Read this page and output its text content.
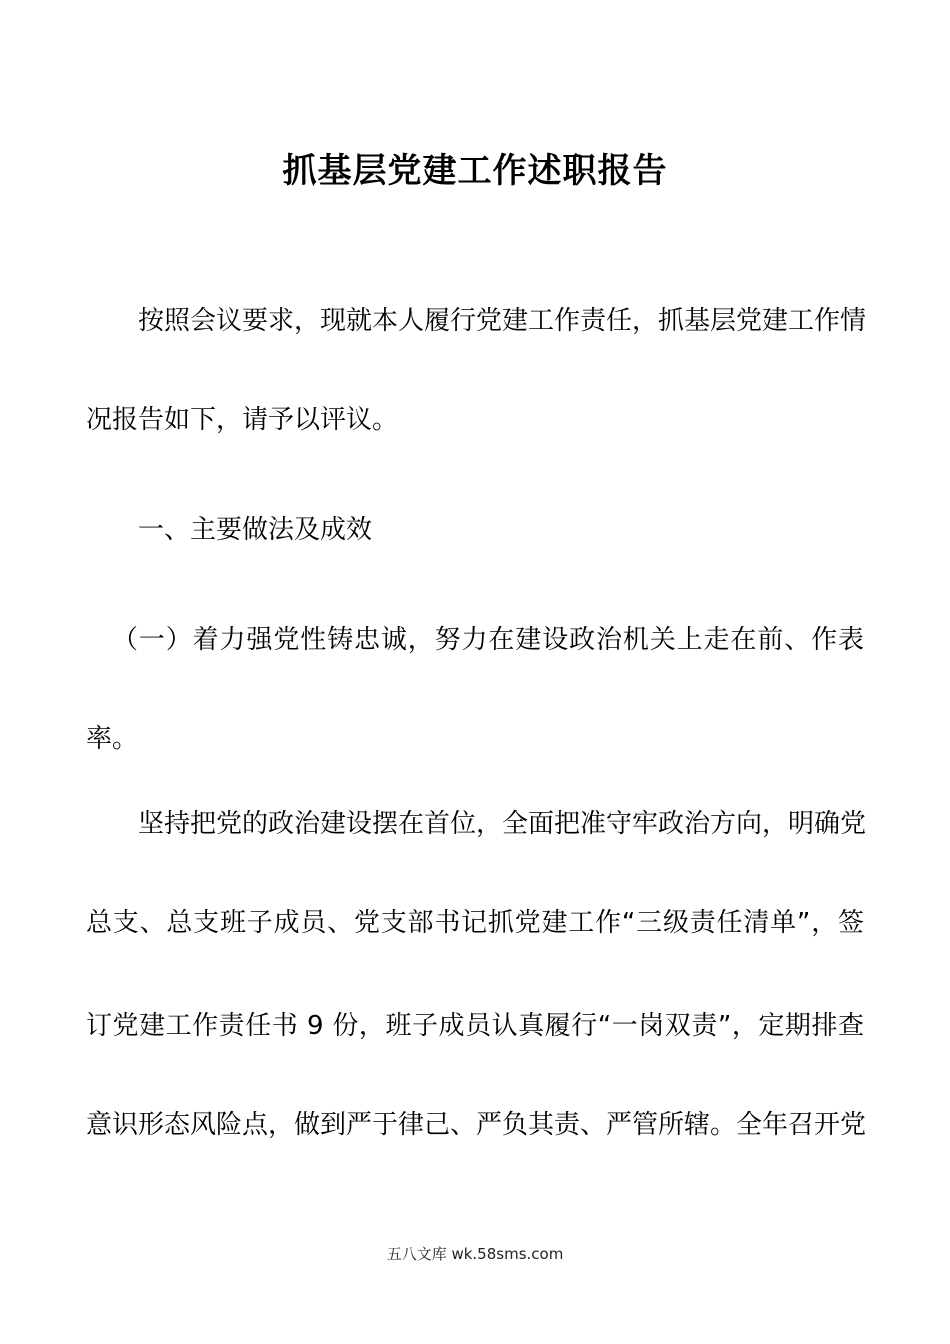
抓基层党建工作述职报告
按照会议要求，现就本人履行党建工作责任，抓基层党建工作情
况报告如下，请予以评议。
一、主要做法及成效
（一）着力强党性铸忠诚，努力在建设政治机关上走在前、作表
率。
坚持把党的政治建设摆在首位，全面把准守牢政治方向，明确党
总支、总支班子成员、党支部书记抓党建工作“三级责任清单”，签
订党建工作责任书 9 份，班子成员认真履行“一岗双责”，定期排查
意识形态风险点，做到严于律己、严负其责、严管所辖。全年召开党
五八文库 wk.58sms.com
